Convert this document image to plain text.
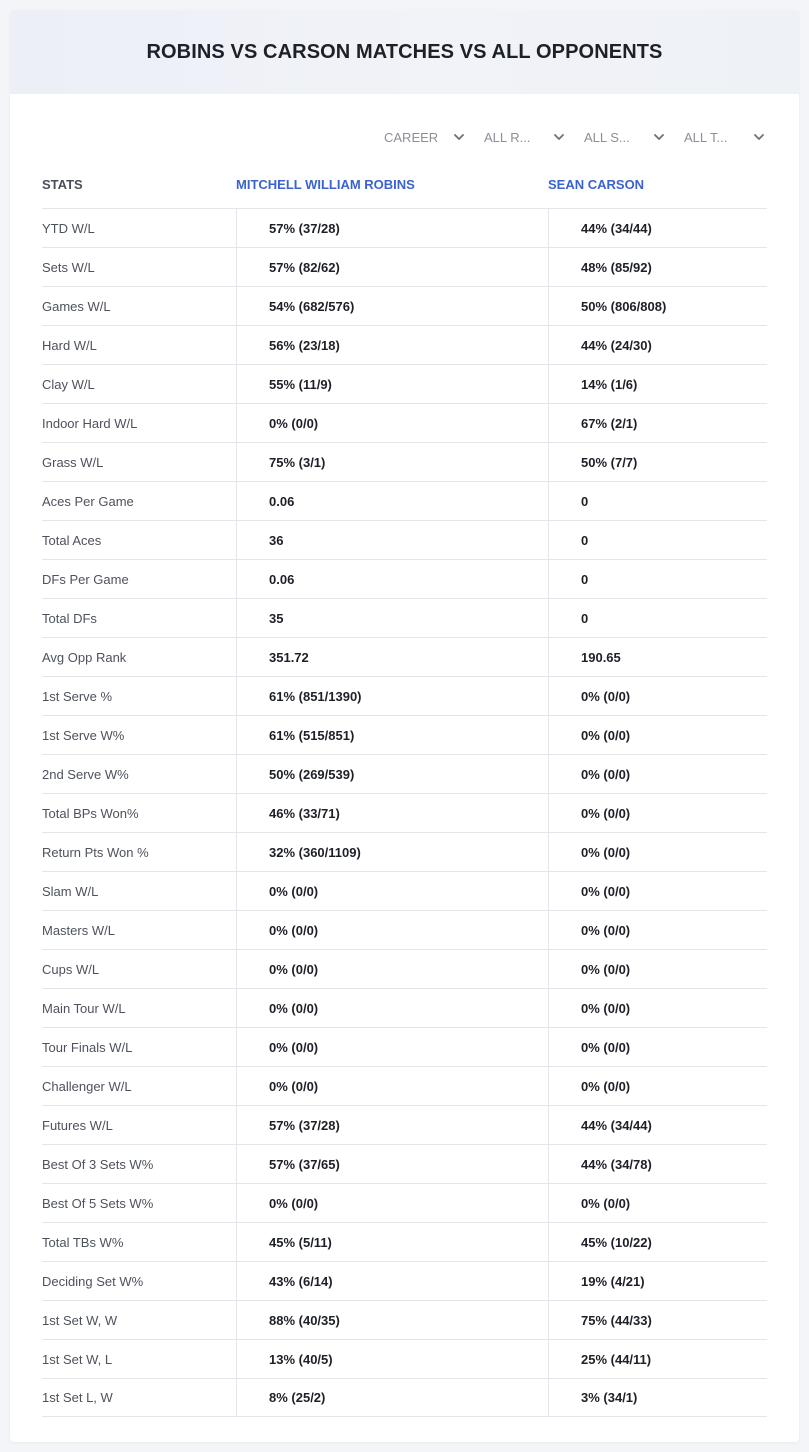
ROBINS VS CARSON MATCHES VS ALL OPPONENTS
CAREER	ALL R...	ALL S...	ALL T...
STATS	MITCHELL WILLIAM ROBINS	SEAN CARSON
YTD W/L	57% (37/28)	44% (34/44)
Sets W/L	57% (82/62)	48% (85/92)
Games W/L	54% (682/576)	50% (806/808)
Hard W/L	56% (23/18)	44% (24/30)
Clay W/L	55% (11/9)	14% (1/6)
Indoor Hard W/L	0% (0/0)	67% (2/1)
Grass W/L	75% (3/1)	50% (7/7)
Aces Per Game	0.06	0
Total Aces	36	0
DFs Per Game	0.06	0
Total DFs	35	0
Avg Opp Rank	351.72	190.65
1st Serve %	61% (851/1390)	0% (0/0)
1st Serve W%	61% (515/851)	0% (0/0)
2nd Serve W%	50% (269/539)	0% (0/0)
Total BPs Won%	46% (33/71)	0% (0/0)
Return Pts Won %	32% (360/1109)	0% (0/0)
Slam W/L	0% (0/0)	0% (0/0)
Masters W/L	0% (0/0)	0% (0/0)
Cups W/L	0% (0/0)	0% (0/0)
Main Tour W/L	0% (0/0)	0% (0/0)
Tour Finals W/L	0% (0/0)	0% (0/0)
Challenger W/L	0% (0/0)	0% (0/0)
Futures W/L	57% (37/28)	44% (34/44)
Best Of 3 Sets W%	57% (37/65)	44% (34/78)
Best Of 5 Sets W%	0% (0/0)	0% (0/0)
Total TBs W%	45% (5/11)	45% (10/22)
Deciding Set W%	43% (6/14)	19% (4/21)
1st Set W, W	88% (40/35)	75% (44/33)
1st Set W, L	13% (40/5)	25% (44/11)
1st Set L, W	8% (25/2)	3% (34/1)
